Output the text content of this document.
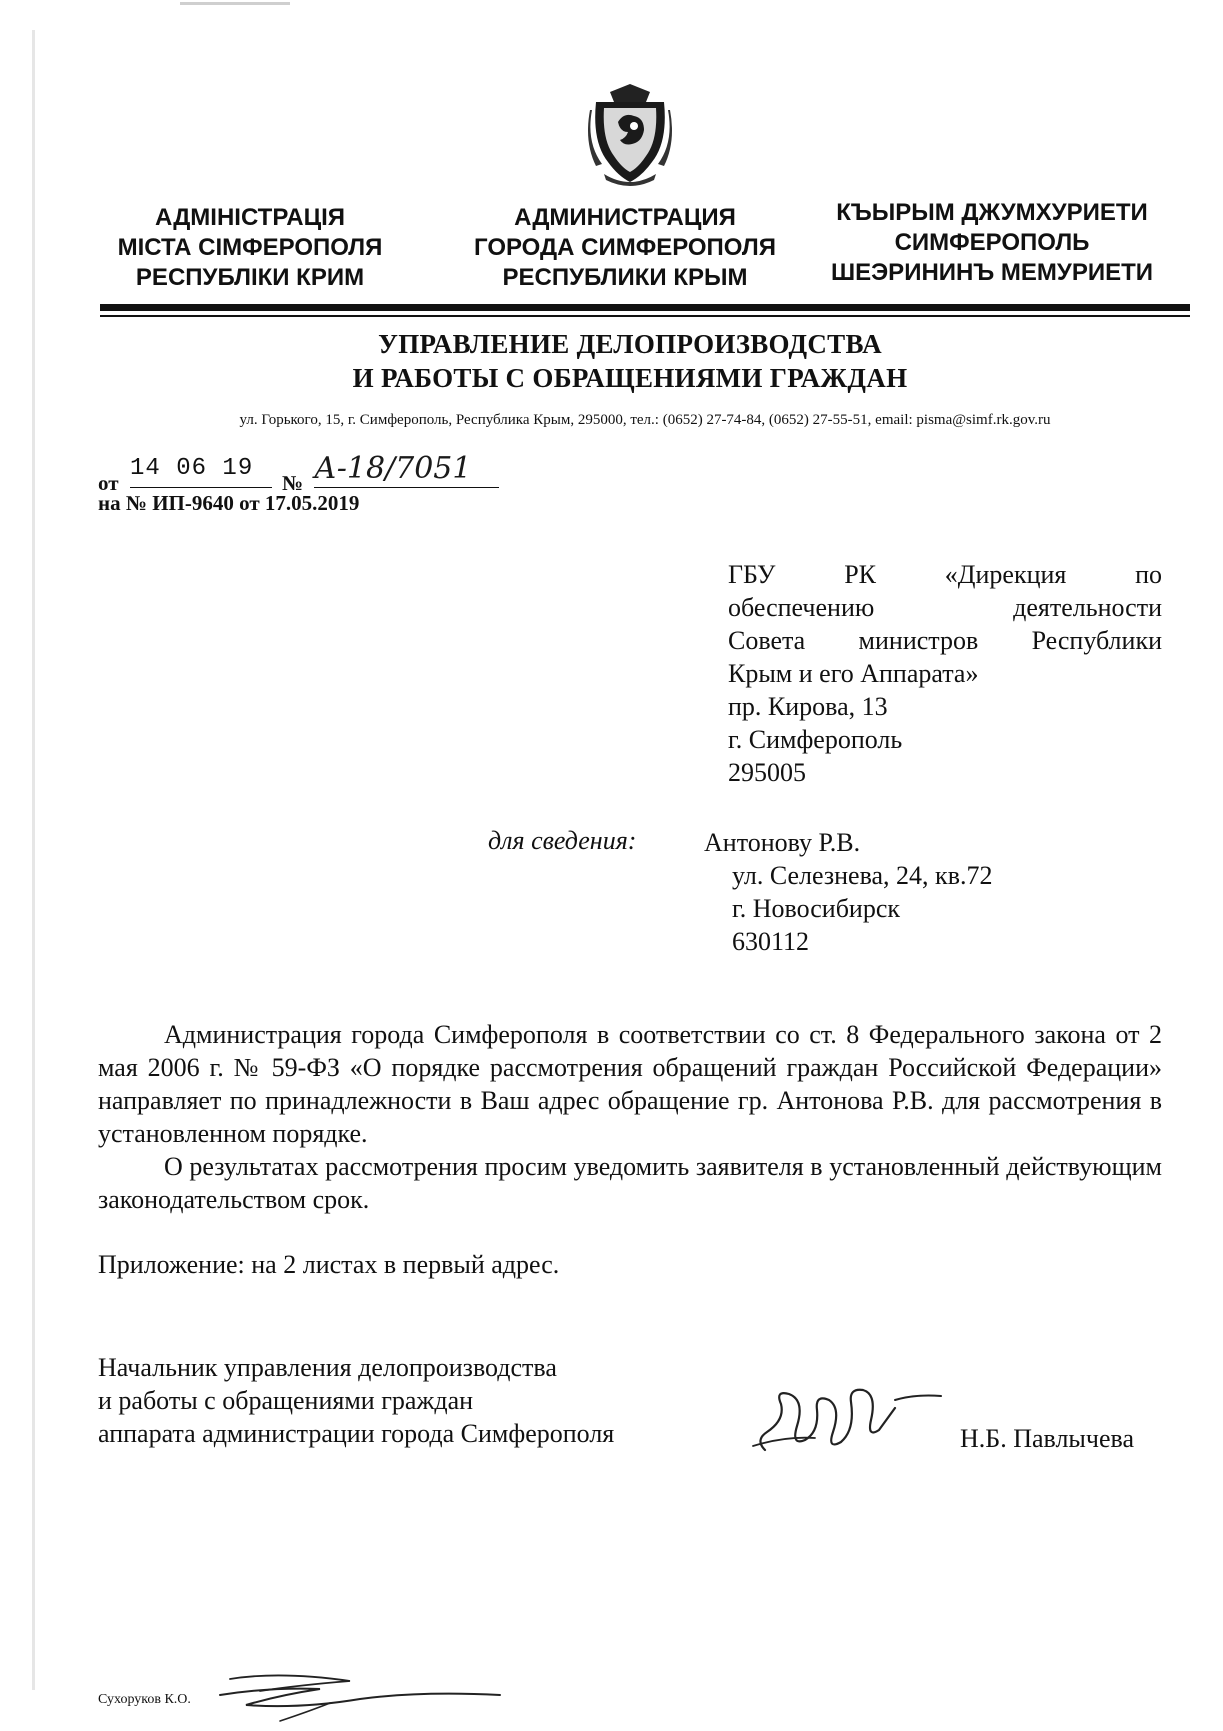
АДМІНІСТРАЦІЯ
МІСТА СІМФЕРОПОЛЯ
РЕСПУБЛІКИ КРИМ
АДМИНИСТРАЦИЯ
ГОРОДА СИМФЕРОПОЛЯ
РЕСПУБЛИКИ КРЫМ
КЪЫРЫМ ДЖУМХУРИЕТИ
СИМФЕРОПОЛЬ
ШЕЭРИНИНЪ МЕМУРИЕТИ
УПРАВЛЕНИЕ ДЕЛОПРОИЗВОДСТВА
И РАБОТЫ С ОБРАЩЕНИЯМИ ГРАЖДАН
ул. Горького, 15, г. Симферополь, Республика Крым, 295000, тел.: (0652) 27-74-84, (0652) 27-55-51, email: pisma@simf.rk.gov.ru
от
14 06 19
№ А-18/7051
на № ИП-9640 от 17.05.2019
ГБУ	РК	«Дирекция	по
обеспечению	деятельности
Совета министров Республики
Крым и его Аппарата»
пр. Кирова, 13
г. Симферополь
295005
для сведения:	Антонову Р.В.
ул. Селезнева, 24, кв.72
г. Новосибирск
630112

Администрация города Симферополя в соответствии со ст. 8 Федерального закона от 2 мая 2006 г. № 59-ФЗ «О порядке рассмотрения обращений граждан Российской Федерации» направляет по принадлежности в Ваш адрес обращение гр. Антонова Р.В. для рассмотрения в установленном порядке.

О результатах рассмотрения просим уведомить заявителя в установленный действующим законодательством срок.

Приложение: на 2 листах в первый адрес.
Начальник управления делопроизводства
и работы с обращениями граждан
аппарата администрации города Симферополя	Н.Б. Павлычева
Сухоруков К.О.
